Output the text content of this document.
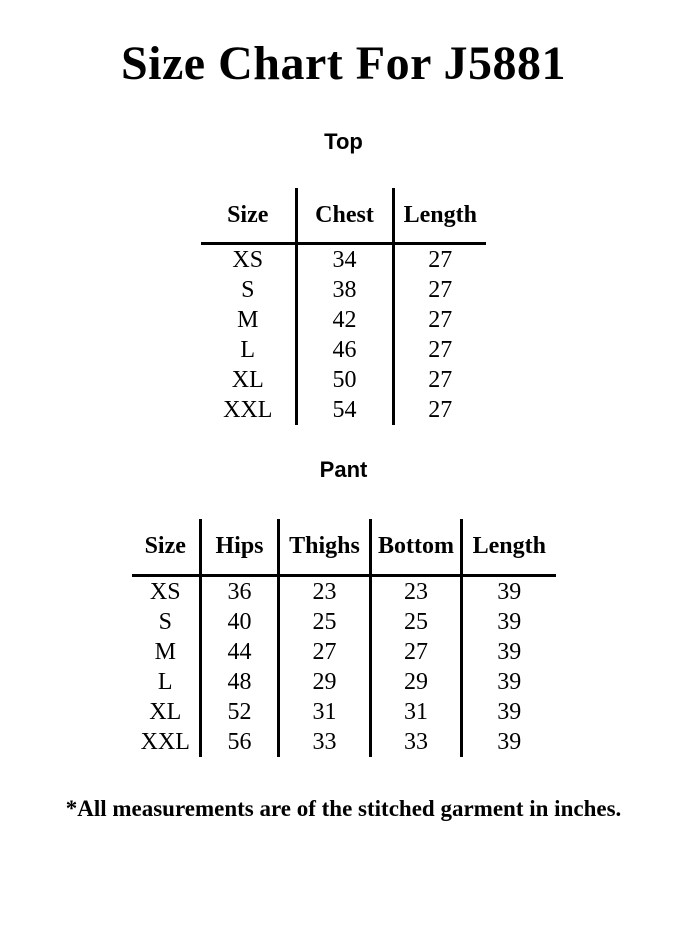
Size Chart For J5881
Top
Size	Chest	Length
XS	34	27
S	38	27
M	42	27
L	46	27
XL	50	27
XXL	54	27
Pant
Size	Hips	Thighs	Bottom	Length
XS	36	23	23	39
S	40	25	25	39
M	44	27	27	39
L	48	29	29	39
XL	52	31	31	39
XXL	56	33	33	39

*All measurements are of the stitched garment in inches.
